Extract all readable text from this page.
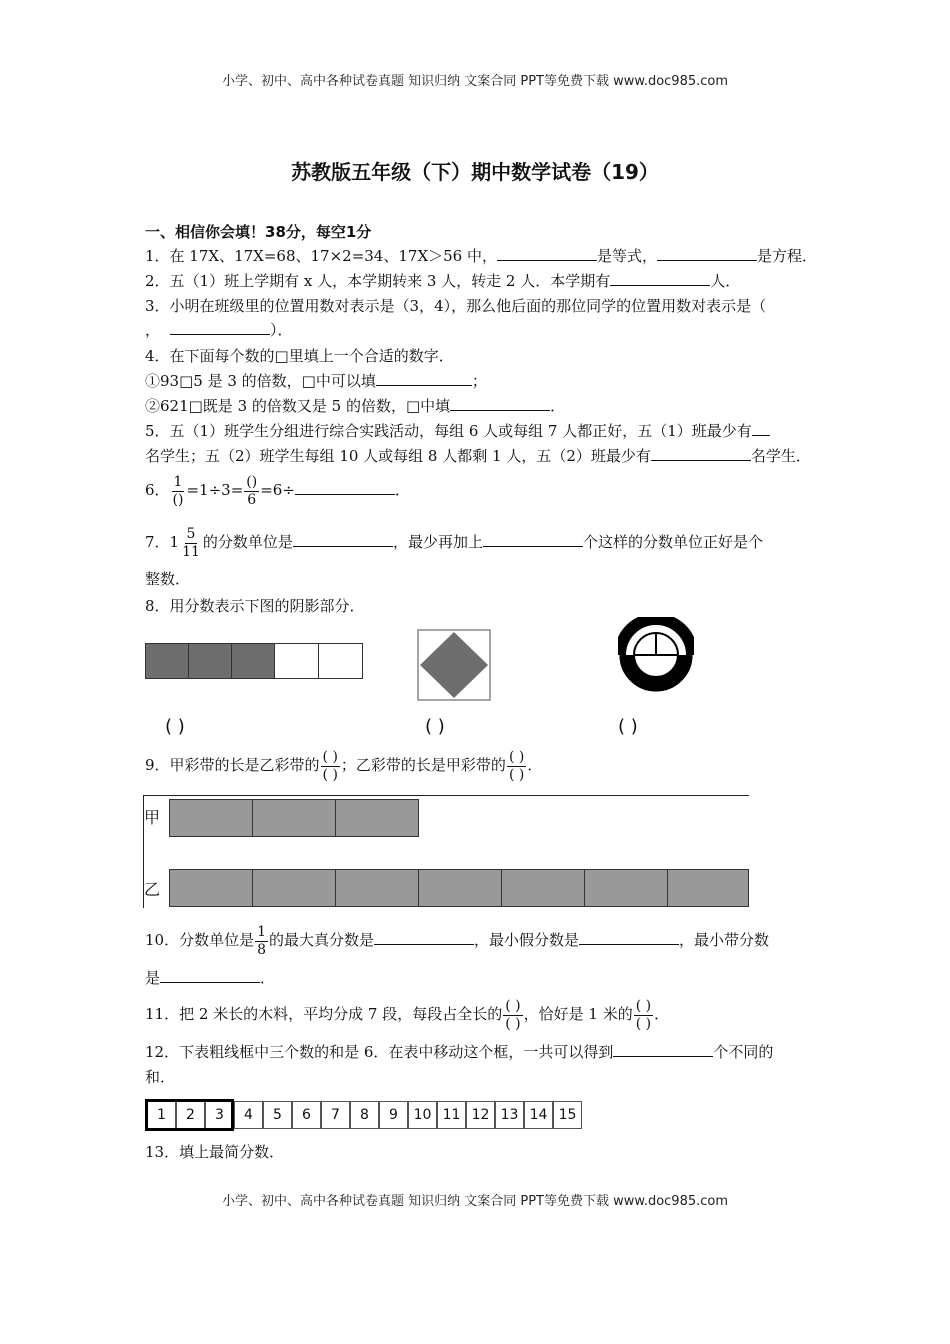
小学、初中、高中各种试卷真题 知识归纳 文案合同 PPT等免费下载 www.doc985.com
苏教版五年级（下）期中数学试卷（19）
一、相信你会填！38分，每空1分
1．在 17X、17X=68、17×2=34、17X＞56 中，	是等式，	是方程．
2．五（1）班上学期有 x 人，本学期转来 3 人，转走 2 人．本学期有	人．
3．小明在班级里的位置用数对表示是（3，4），那么他后面的那位同学的位置用数对表示是（
，	）．
4．在下面每个数的□里填上一个合适的数字．
①93□5 是 3 的倍数，□中可以填	；
②621□既是 3 的倍数又是 5 的倍数，□中填	．
5．五（1）班学生分组进行综合实践活动，每组 6 人或每组 7 人都正好，五（1）班最少有
名学生；五（2）班学生每组 10 人或每组 8 人都剩 1 人，五（2）班最少有	名学生．
6． $\frac{1}{()} =1\div 3= \frac{()}{6} =6\div$	．
7．$1 \frac{5}{11}$ 的分数单位是	，最少再加上	个这样的分数单位正好是个
整数．
8．用分数表示下图的阴影部分．
( )	( )	( )
9．甲彩带的长是乙彩带的 $\frac{( )}{( )}$ ；乙彩带的长是甲彩带的 $\frac{( )}{( )}$ ．
甲
乙
10．分数单位是 $\frac{1}{8}$ 的最大真分数是	，最小假分数是	，最小带分数
是	．
11．把 2 米长的木料，平均分成 7 段，每段占全长的 $\frac{( )}{( )}$ ，恰好是 1 米的 $\frac{( )}{( )}$ ．
12．下表粗线框中三个数的和是 6．在表中移动这个框，一共可以得到	个不同的
和．
1	2	3	4	5	6	7	8	9	10 11 12 13 14 15
13．填上最简分数．
小学、初中、高中各种试卷真题 知识归纳 文案合同 PPT等免费下载 www.doc985.com
